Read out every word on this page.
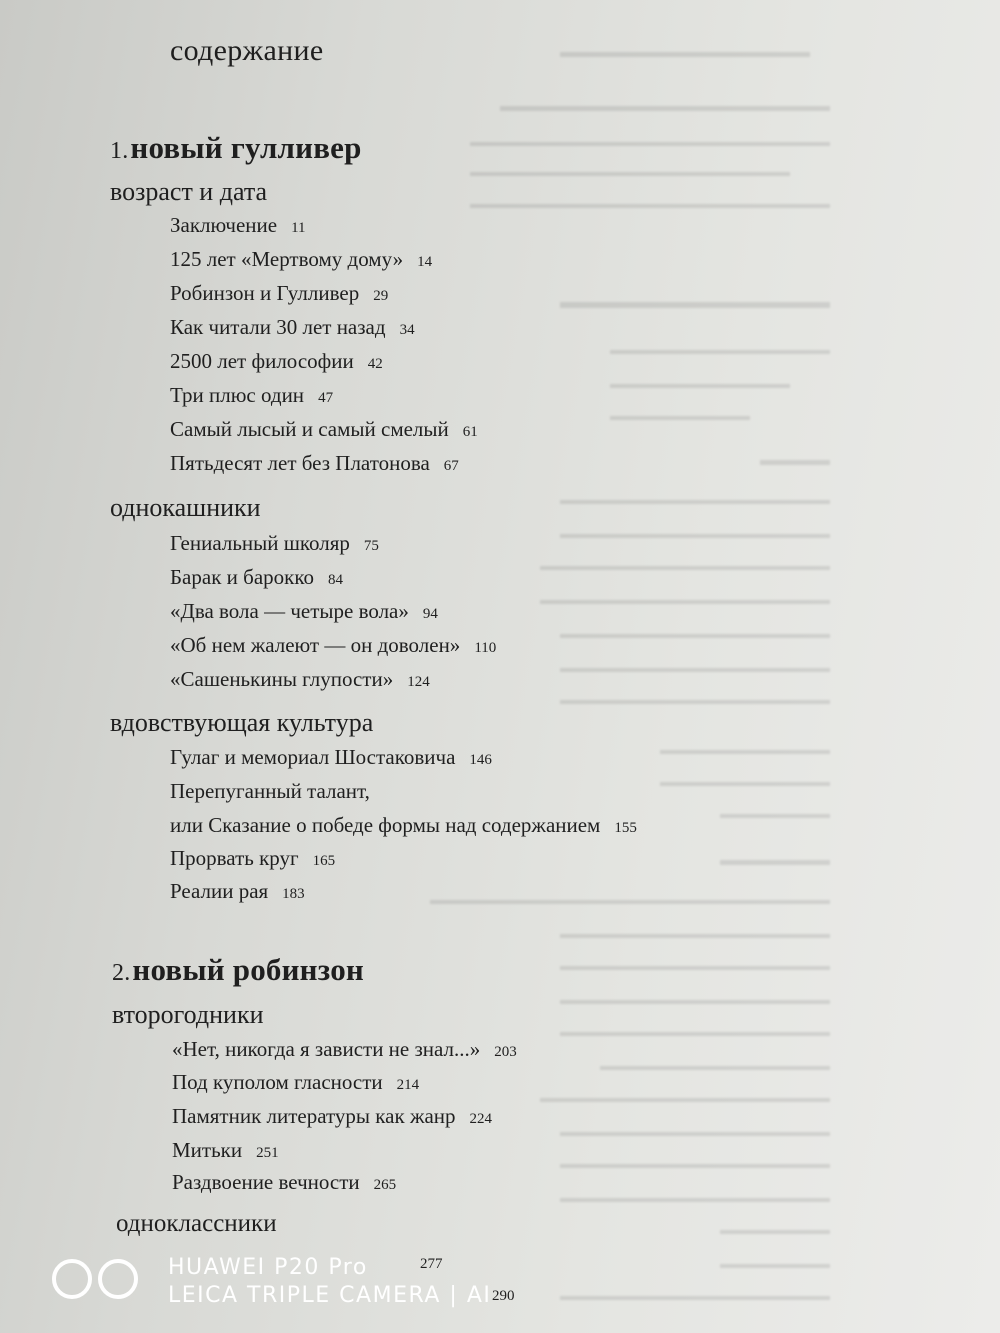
содержание
1.новый гулливер
возраст и дата
Заключение 11
125 лет «Мертвому дому» 14
Робинзон и Гулливер 29
Как читали 30 лет назад 34
2500 лет философии 42
Три плюс один 47
Самый лысый и самый смелый 61
Пятьдесят лет без Платонова 67
однокашники
Гениальный школяр 75
Барак и барокко 84
«Два вола — четыре вола» 94
«Об нем жалеют — он доволен» 110
«Сашенькины глупости» 124
вдовствующая культура
Гулаг и мемориал Шостаковича 146
Перепуганный талант,
или Сказание о победе формы над содержанием 155
Прорвать круг 165
Реалии рая 183
2.новый робинзон
второгодники
«Нет, никогда я зависти не знал...» 203
Под куполом гласности 214
Памятник литературы как жанр 224
Митьки 251
Раздвоение вечности 265
одноклассники
277
290
HUAWEI P20 Pro
LEICA TRIPLE CAMERA | AI
